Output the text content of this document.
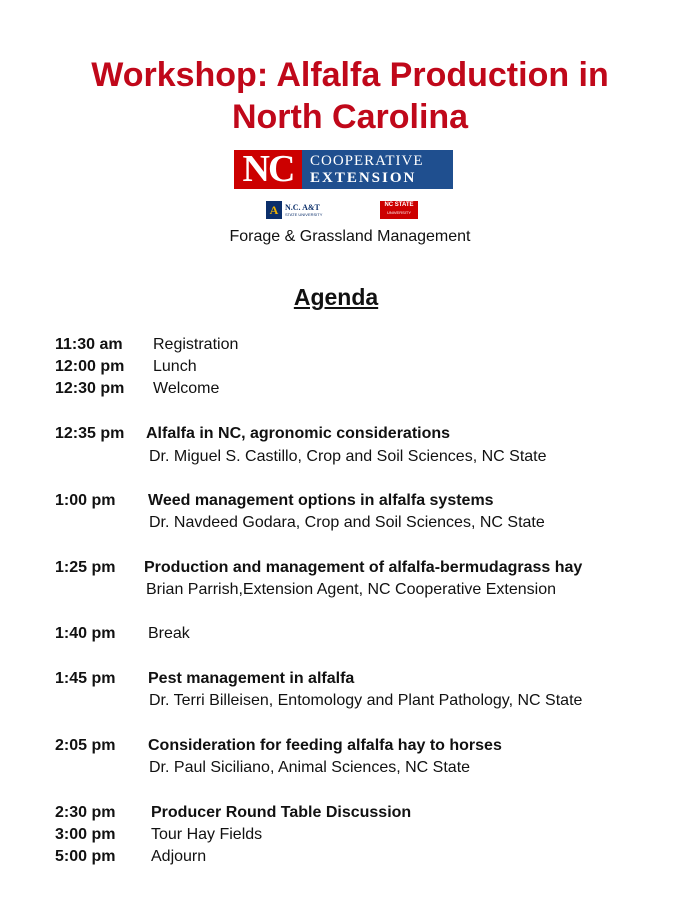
Workshop: Alfalfa Production in
North Carolina
NC	COOPERATIVE
EXTENSION
A N.C. A&T
STATE UNIVERSITY
NC STATE
UNIVERSITY
Forage & Grassland Management
Agenda
11:30 am Registration
12:00 pm Lunch
12:30 pm Welcome
12:35 pm Alfalfa in NC, agronomic considerations
Dr. Miguel S. Castillo, Crop and Soil Sciences, NC State
1:00 pm Weed management options in alfalfa systems
Dr. Navdeed Godara, Crop and Soil Sciences, NC State
1:25 pm Production and management of alfalfa-bermudagrass hay
Brian Parrish,Extension Agent, NC Cooperative Extension
1:40 pm Break
1:45 pm Pest management in alfalfa
Dr. Terri Billeisen, Entomology and Plant Pathology, NC State
2:05 pm Consideration for feeding alfalfa hay to horses
Dr. Paul Siciliano, Animal Sciences, NC State
2:30 pm Producer Round Table Discussion
3:00 pm Tour Hay Fields
5:00 pm Adjourn
